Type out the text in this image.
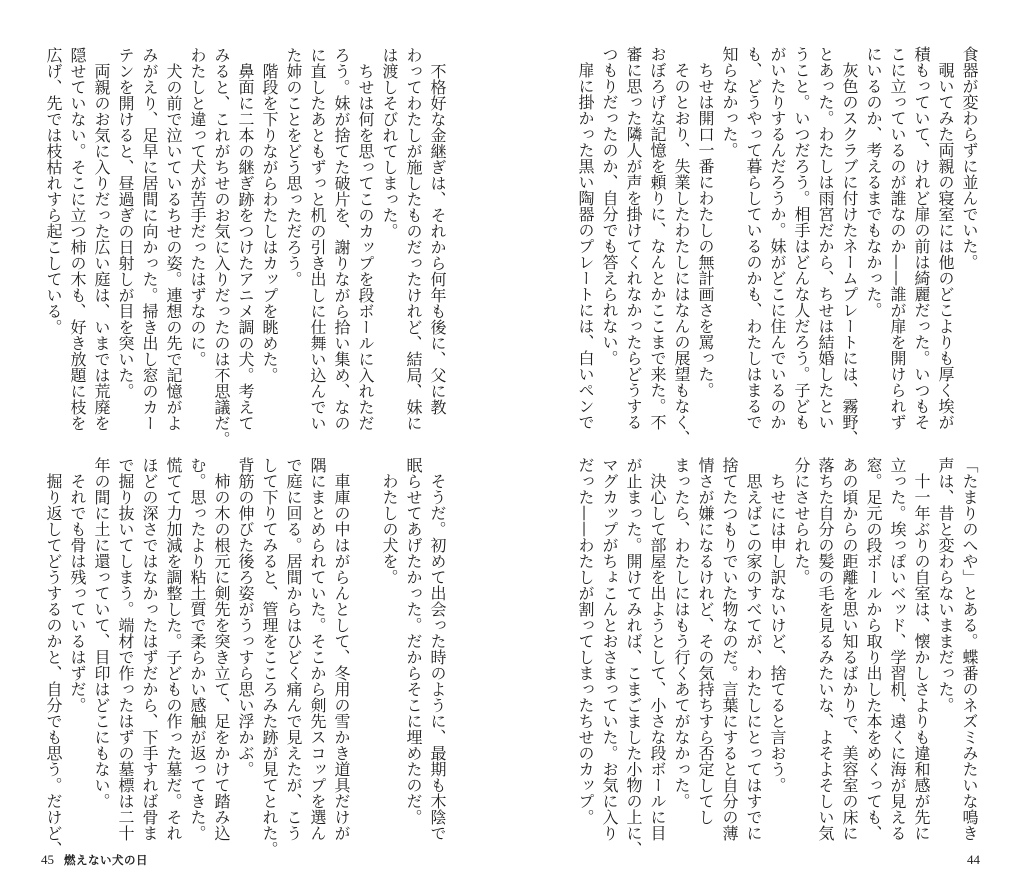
食器が変わらずに並んでいた。
　覗いてみた両親の寝室には他のどこよりも厚く埃が
積もっていて、けれど扉の前は綺麗だった。いつもそ
こに立っているのが誰なのか——誰が扉を開けられず
にいるのか、考えるまでもなかった。
　灰色のスクラブに付けたネームプレートには、霧野、
とあった。わたしは雨宮だから、ちせは結婚したとい
うこと。いつだろう。相手はどんな人だろう。子ども
がいたりするんだろうか。妹がどこに住んでいるのか
も、どうやって暮らしているのかも、わたしはまるで
知らなかった。
　ちせは開口一番にわたしの無計画さを罵った。
　そのとおり、失業したわたしにはなんの展望もなく、
おぼろげな記憶を頼りに、なんとかここまで来た。不
審に思った隣人が声を掛けてくれなかったらどうする
つもりだったのか、自分でも答えられない。
　扉に掛かった黒い陶器のプレートには、白いペンで
「たまりのへや」とある。蝶番のネズミみたいな鳴き
声は、昔と変わらないままだった。
　十一年ぶりの自室は、懐かしさよりも違和感が先に
立った。埃っぽいベッド、学習机、遠くに海が見える
窓。足元の段ボールから取り出した本をめくっても、
あの頃からの距離を思い知るばかりで、美容室の床に
落ちた自分の髪の毛を見るみたいな、よそよそしい気
分にさせられた。
　ちせには申し訳ないけど、捨てると言おう。
　思えばこの家のすべてが、わたしにとってはすでに
捨てたつもりでいた物なのだ。言葉にすると自分の薄
情さが嫌になるけれど、その気持ちすら否定してし
まったら、わたしにはもう行くあてがなかった。
　決心して部屋を出ようとして、小さな段ボールに目
が止まった。開けてみれば、こまごました小物の上に、
マグカップがちょこんとおさまっていた。お気に入り
だった——わたしが割ってしまったちせのカップ。
44
　不格好な金継ぎは、それから何年も後に、父に教
わってわたしが施したものだったけれど、結局、妹に
は渡しそびれてしまった。
　ちせは何を思ってこのカップを段ボールに入れただ
ろう。妹が捨てた破片を、謝りながら拾い集め、なの
に直したあともずっと机の引き出しに仕舞い込んでい
た姉のことをどう思っただろう。
　階段を下りながらわたしはカップを眺めた。
　鼻面に二本の継ぎ跡をつけたアニメ調の犬。考えて
みると、これがちせのお気に入りだったのは不思議だ。
わたしと違って犬が苦手だったはずなのに。
　犬の前で泣いているちせの姿。連想の先で記憶がよ
みがえり、足早に居間に向かった。掃き出し窓のカー
テンを開けると、昼過ぎの日射しが目を突いた。
　両親のお気に入りだった広い庭は、いまでは荒廃を
隠せていない。そこに立つ柿の木も、好き放題に枝を
広げ、先では枝枯れすら起こしている。
　そうだ。初めて出会った時のように、最期も木陰で
眠らせてあげたかった。だからそこに埋めたのだ。
　わたしの犬を。
　車庫の中はがらんとして、冬用の雪かき道具だけが
隅にまとめられていた。そこから剣先スコップを選ん
で庭に回る。居間からはひどく痛んで見えたが、こう
して下りてみると、管理をこころみた跡が見てとれた。
背筋の伸びた後ろ姿がうっすら思い浮かぶ。
　柿の木の根元に剣先を突き立て、足をかけて踏み込
む。思ったより粘土質で柔らかい感触が返ってきた。
慌てて力加減を調整した。子どもの作った墓だ。それ
ほどの深さではなかったはずだから、下手すれば骨ま
で掘り抜いてしまう。端材で作ったはずの墓標は二十
年の間に土に還っていて、目印はどこにもない。
　それでも骨は残っているはずだ。
　掘り返してどうするのかと、自分でも思う。だけど、
45 燃えない犬の日
